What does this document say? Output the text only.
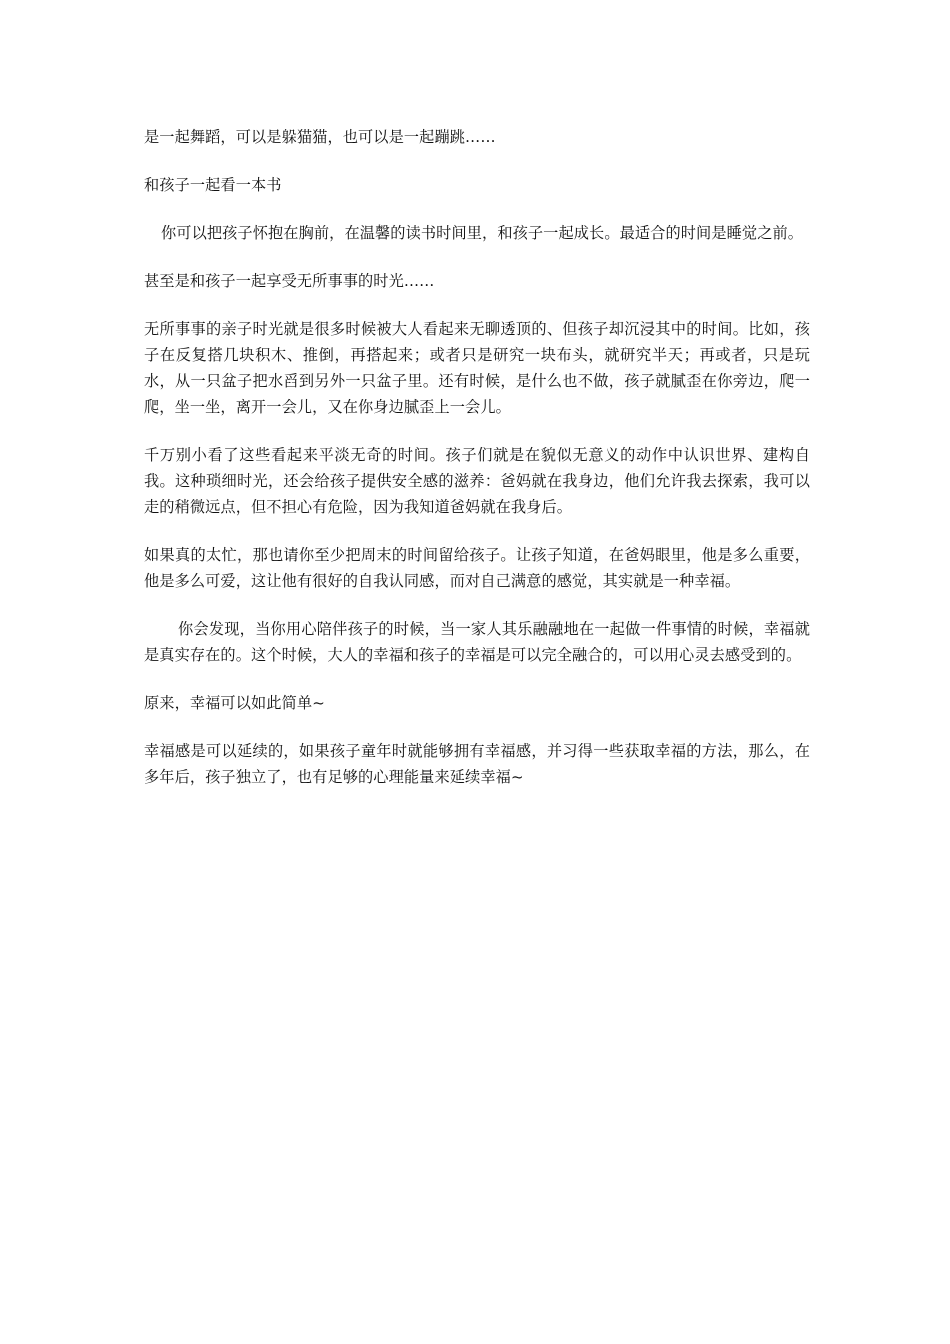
是一起舞蹈，可以是躲猫猫，也可以是一起蹦跳……

和孩子一起看一本书

你可以把孩子怀抱在胸前，在温馨的读书时间里，和孩子一起成长。最适合的时间是睡觉之前。

甚至是和孩子一起享受无所事事的时光……

无所事事的亲子时光就是很多时候被大人看起来无聊透顶的、但孩子却沉浸其中的时间。比如，孩子在反复搭几块积木、推倒，再搭起来；或者只是研究一块布头，就研究半天；再或者，只是玩水，从一只盆子把水舀到另外一只盆子里。还有时候，是什么也不做，孩子就腻歪在你旁边，爬一爬，坐一坐，离开一会儿，又在你身边腻歪上一会儿。

千万别小看了这些看起来平淡无奇的时间。孩子们就是在貌似无意义的动作中认识世界、建构自我。这种琐细时光，还会给孩子提供安全感的滋养：爸妈就在我身边，他们允许我去探索，我可以走的稍微远点，但不担心有危险，因为我知道爸妈就在我身后。

如果真的太忙，那也请你至少把周末的时间留给孩子。让孩子知道，在爸妈眼里，他是多么重要，他是多么可爱，这让他有很好的自我认同感，而对自己满意的感觉，其实就是一种幸福。

你会发现，当你用心陪伴孩子的时候，当一家人其乐融融地在一起做一件事情的时候，幸福就是真实存在的。这个时候，大人的幸福和孩子的幸福是可以完全融合的，可以用心灵去感受到的。

原来，幸福可以如此简单~

幸福感是可以延续的，如果孩子童年时就能够拥有幸福感，并习得一些获取幸福的方法，那么，在多年后，孩子独立了，也有足够的心理能量来延续幸福~
